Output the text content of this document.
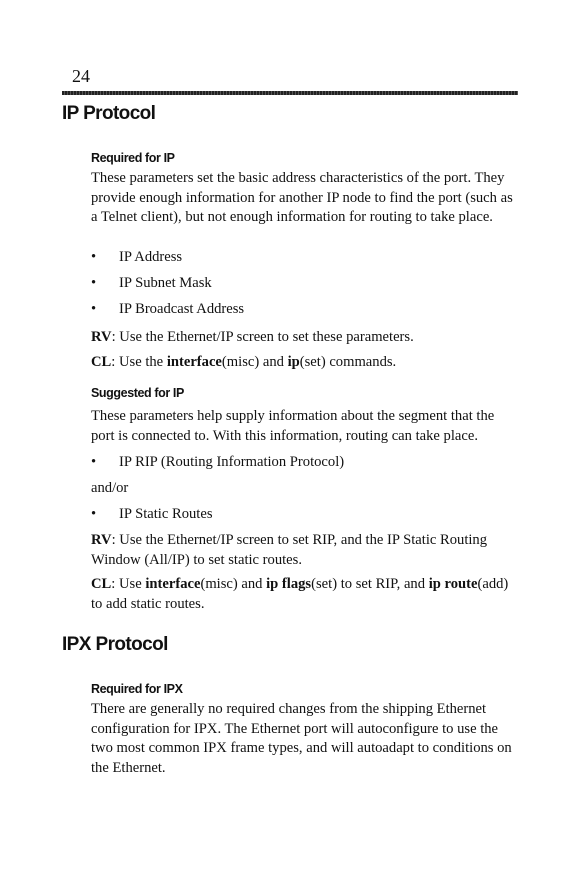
24
IP Protocol
Required for IP
These parameters set the basic address characteristics of the port. They provide enough information for another IP node to find the port (such as a Telnet client), but not enough information for routing to take place.
• IP Address
• IP Subnet Mask
• IP Broadcast Address
RV: Use the Ethernet/IP screen to set these parameters.
CL: Use the interface(misc) and ip(set) commands.
Suggested for IP
These parameters help supply information about the segment that the port is connected to. With this information, routing can take place.
• IP RIP (Routing Information Protocol)
and/or
• IP Static Routes
RV: Use the Ethernet/IP screen to set RIP, and the IP Static Routing Window (All/IP) to set static routes.
CL: Use interface(misc) and ip flags(set) to set RIP, and ip route(add) to add static routes.
IPX Protocol
Required for IPX
There are generally no required changes from the shipping Ethernet configuration for IPX. The Ethernet port will autoconfigure to use the two most common IPX frame types, and will autoadapt to conditions on the Ethernet.
